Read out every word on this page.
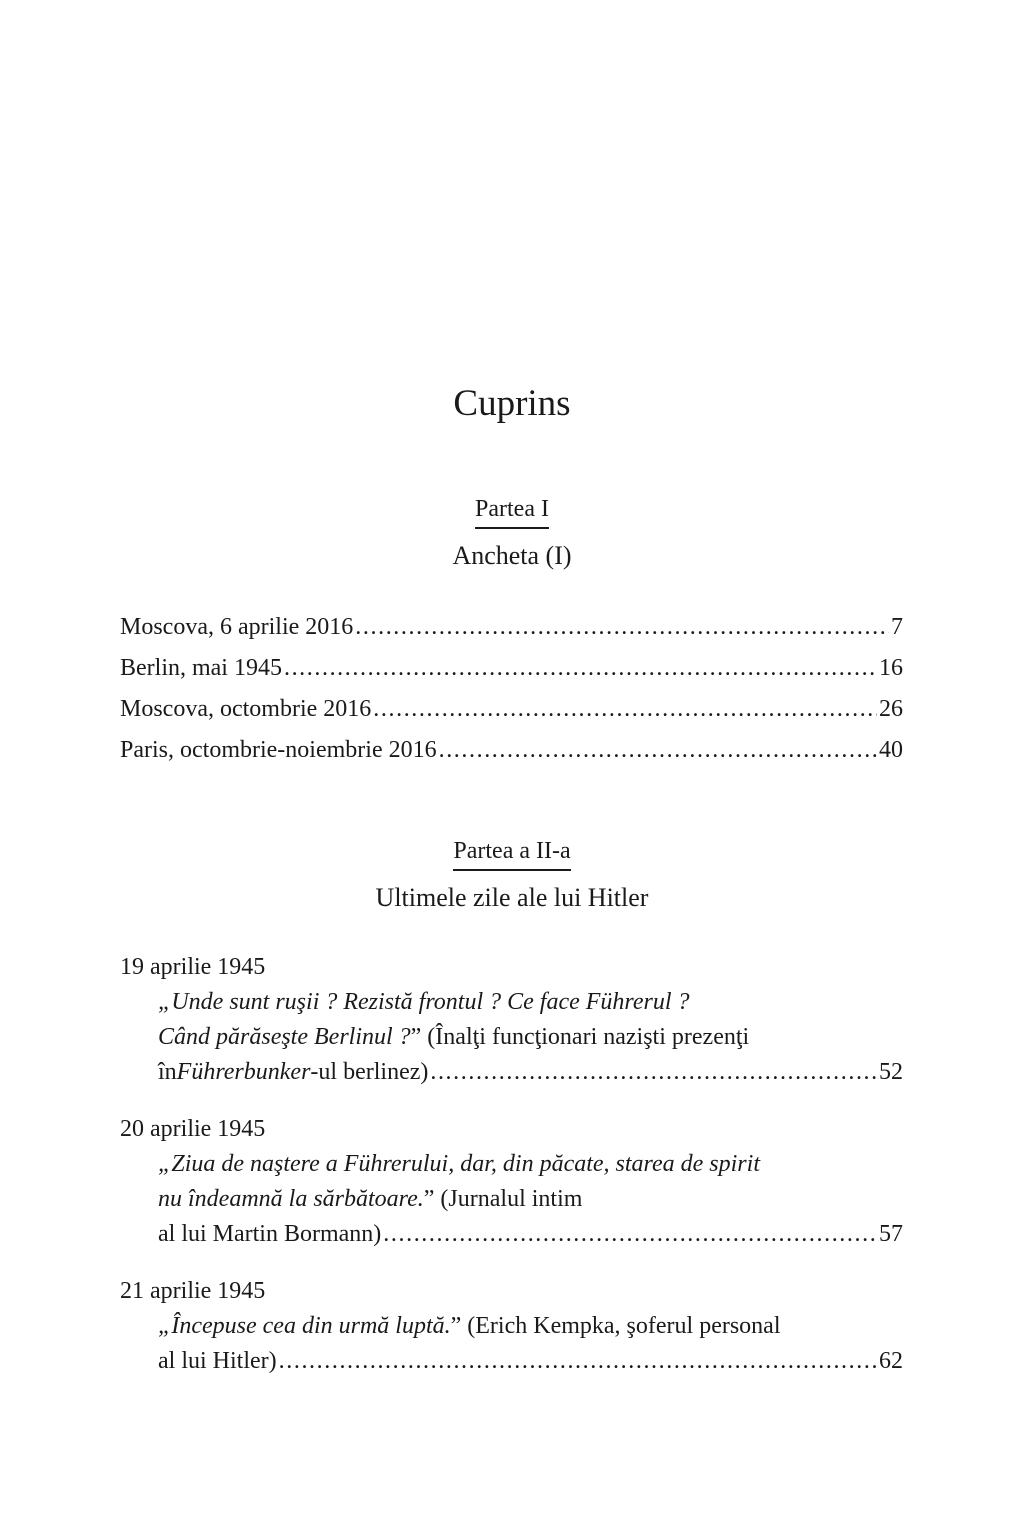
Cuprins
Partea I
Ancheta (I)
Moscova, 6 aprilie 2016 . . .	7
Berlin, mai 1945 . . .	16
Moscova, octombrie 2016 . . .	26
Paris, octombrie-noiembrie 2016 . . .	40
Partea a II-a
Ultimele zile ale lui Hitler
19 aprilie 1945
„Unde sunt ruşii ? Rezistă frontul ? Ce face Führerul ?
Când părăseşte Berlinul ? ” (Înalţi funcţionari nazişti prezenţi
în Führerbunker -ul berlinez) . . .	52
20 aprilie 1945
„Ziua de naştere a Führerului, dar, din păcate, starea de spirit
nu îndeamnă la sărbătoare. ” (Jurnalul intim
al lui Martin Bormann) . . .	57
21 aprilie 1945
„Începuse cea din urmă luptă. ” (Erich Kempka, şoferul personal
al lui Hitler) . . .	62
